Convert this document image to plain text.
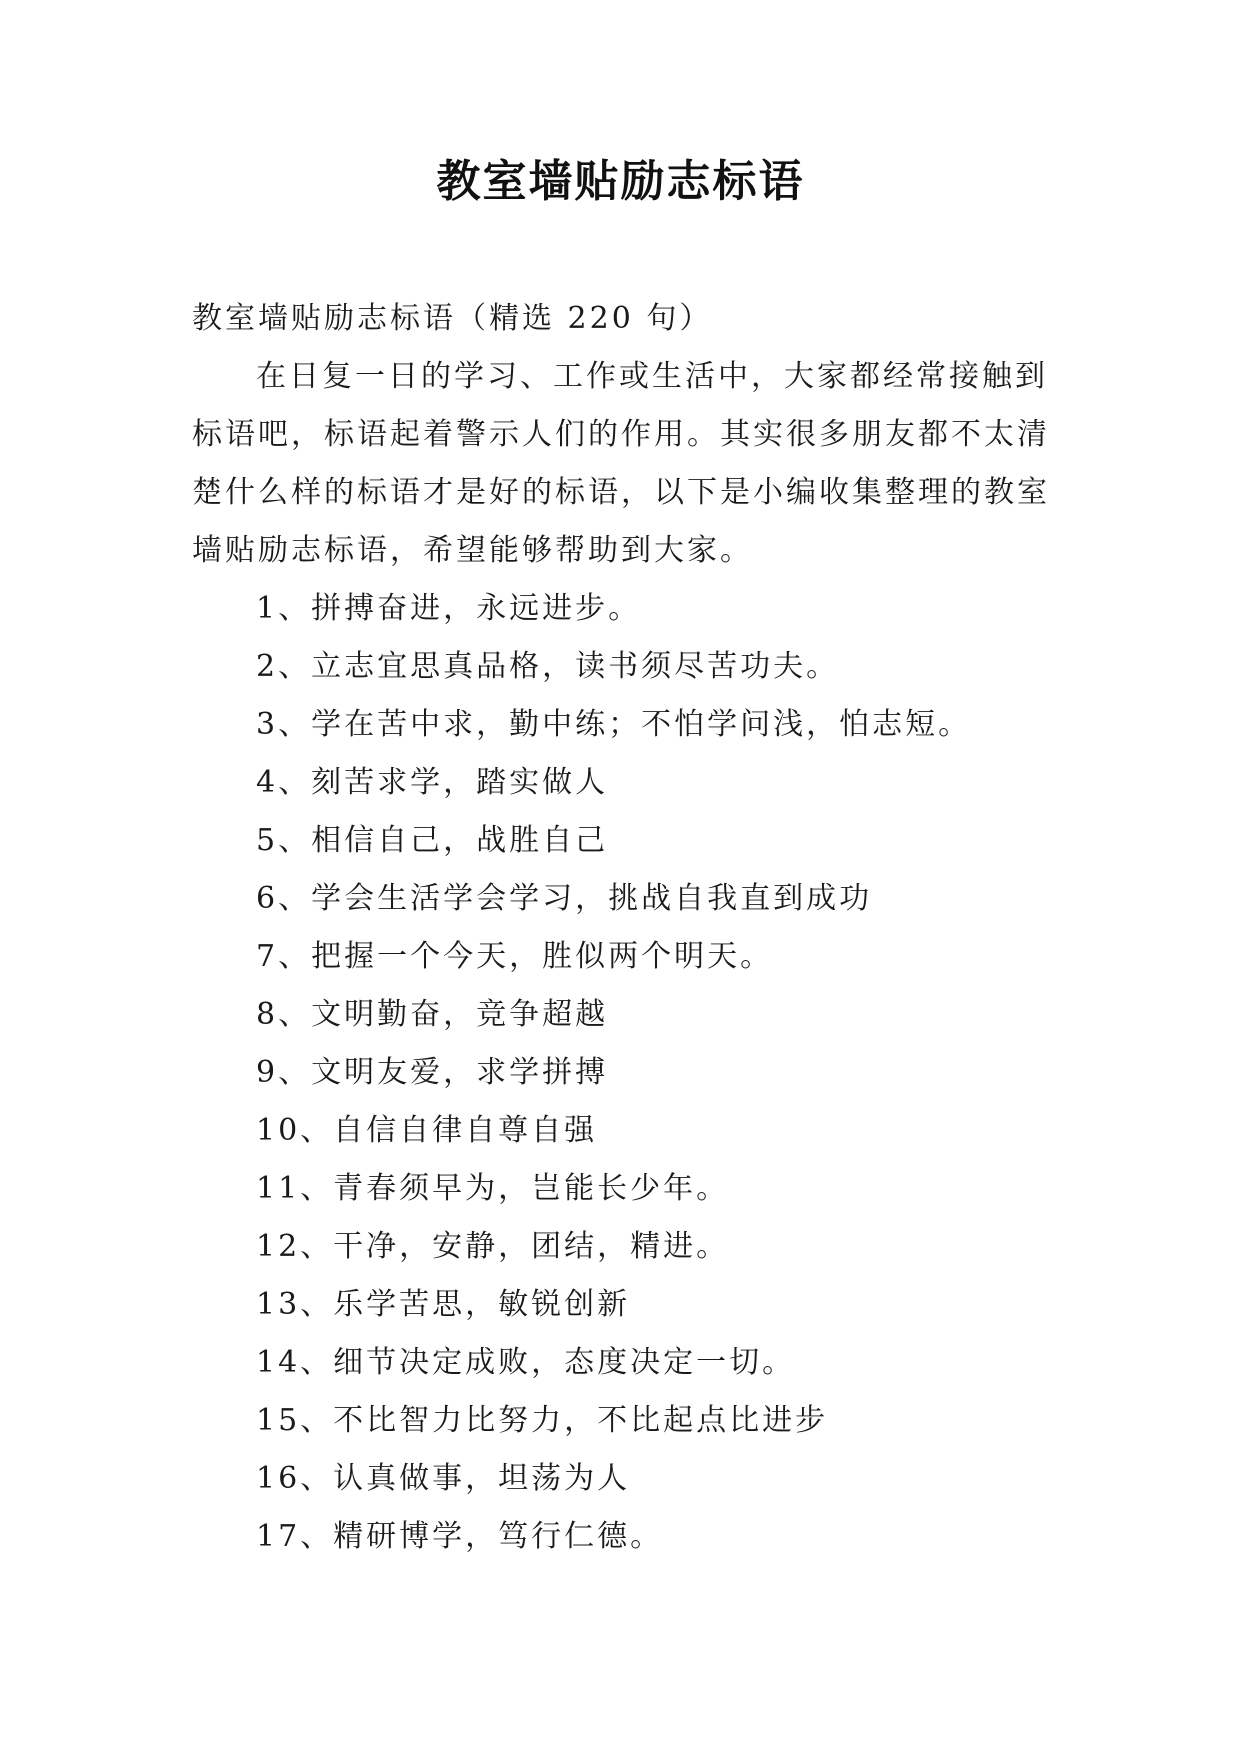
教室墙贴励志标语
教室墙贴励志标语（精选 220 句）
在日复一日的学习、工作或生活中，大家都经常接触到标语吧，标语起着警示人们的作用。其实很多朋友都不太清楚什么样的标语才是好的标语，以下是小编收集整理的教室墙贴励志标语，希望能够帮助到大家。
1、拼搏奋进，永远进步。
2、立志宜思真品格，读书须尽苦功夫。
3、学在苦中求，勤中练；不怕学问浅，怕志短。
4、刻苦求学，踏实做人
5、相信自己，战胜自己
6、学会生活学会学习，挑战自我直到成功
7、把握一个今天，胜似两个明天。
8、文明勤奋，竞争超越
9、文明友爱，求学拼搏
10、自信自律自尊自强
11、青春须早为，岂能长少年。
12、干净，安静，团结，精进。
13、乐学苦思，敏锐创新
14、细节决定成败，态度决定一切。
15、不比智力比努力，不比起点比进步
16、认真做事，坦荡为人
17、精研博学，笃行仁德。
